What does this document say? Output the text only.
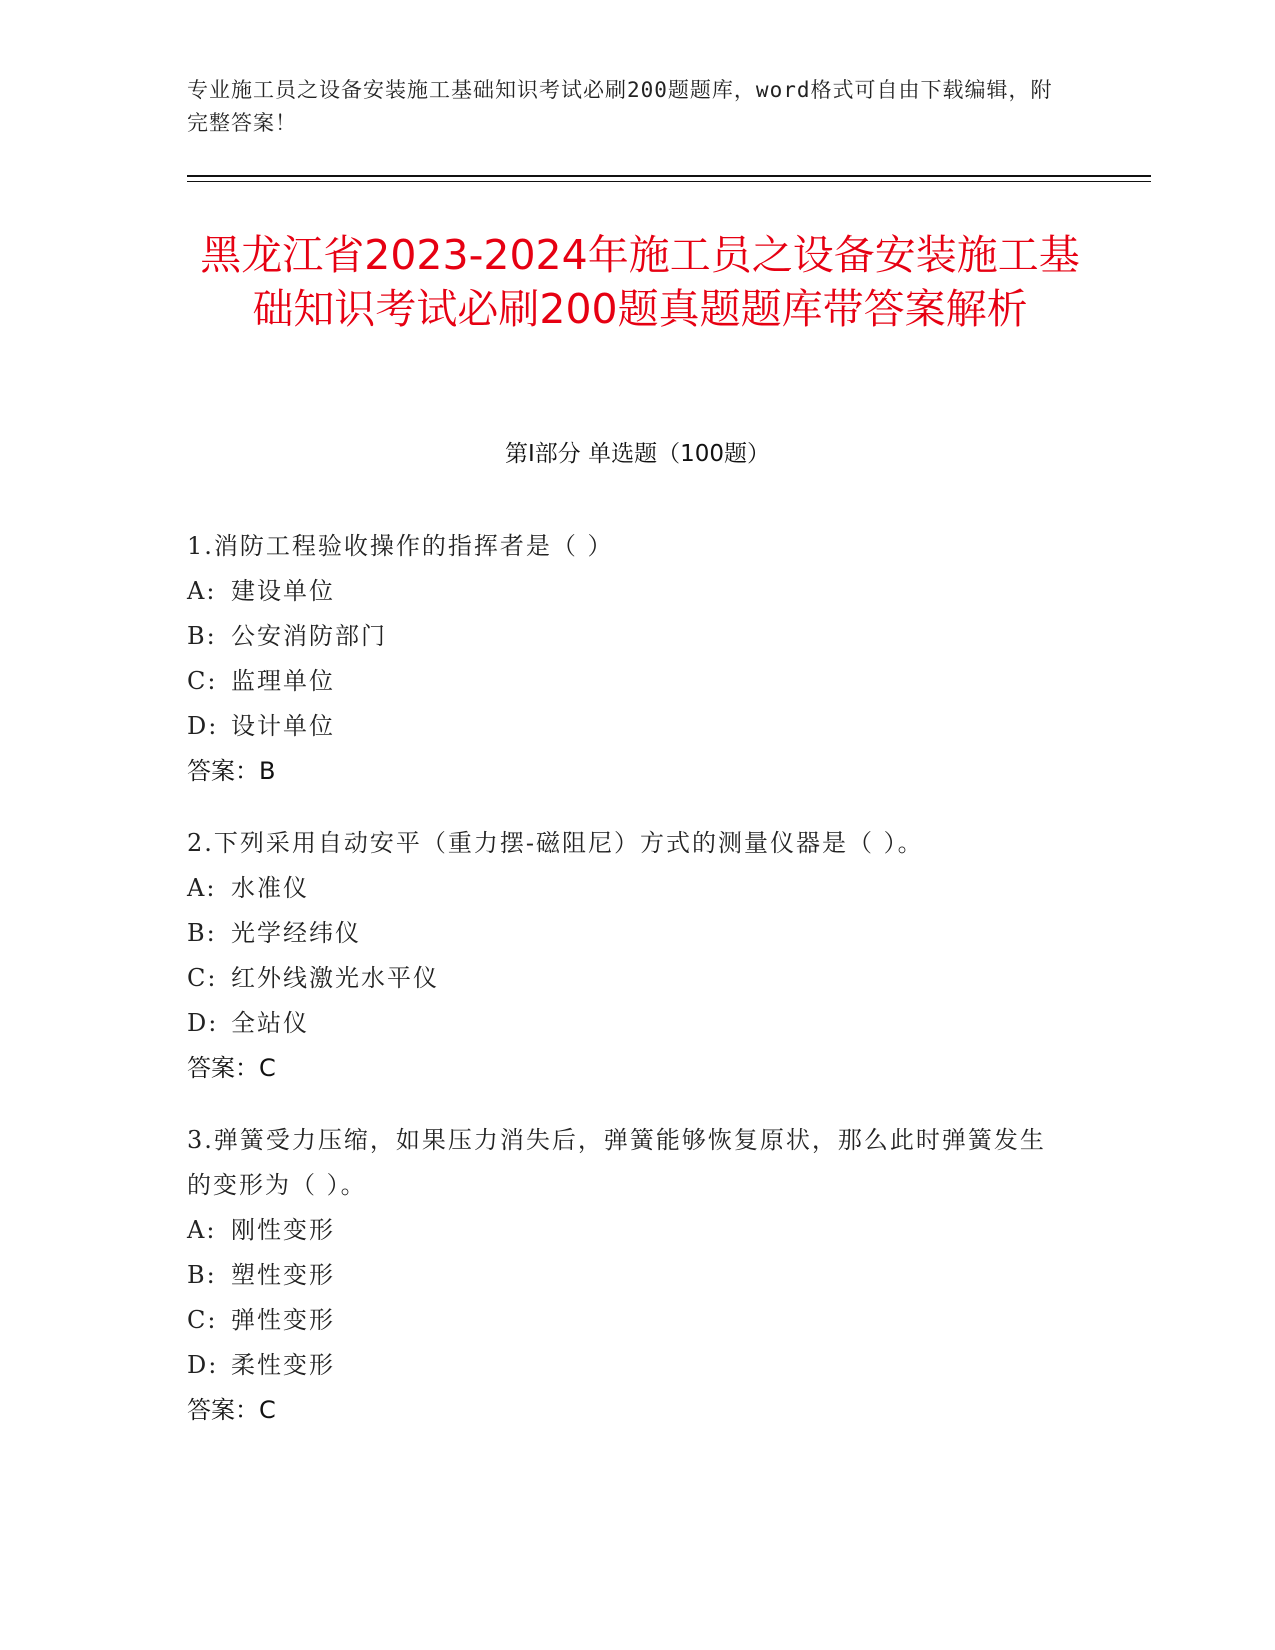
专业施工员之设备安装施工基础知识考试必刷200题题库，word格式可自由下载编辑，附完整答案！
黑龙江省2023-2024年施工员之设备安装施工基础知识考试必刷200题真题题库带答案解析
第Ⅰ部分 单选题（100题）
1.消防工程验收操作的指挥者是（ ）
A: 建设单位
B: 公安消防部门
C: 监理单位
D: 设计单位
答案：B
2.下列采用自动安平（重力摆-磁阻尼）方式的测量仪器是（ ）。
A: 水准仪
B: 光学经纬仪
C: 红外线激光水平仪
D: 全站仪
答案：C
3.弹簧受力压缩，如果压力消失后，弹簧能够恢复原状，那么此时弹簧发生的变形为（ ）。
A: 刚性变形
B: 塑性变形
C: 弹性变形
D: 柔性变形
答案：C
